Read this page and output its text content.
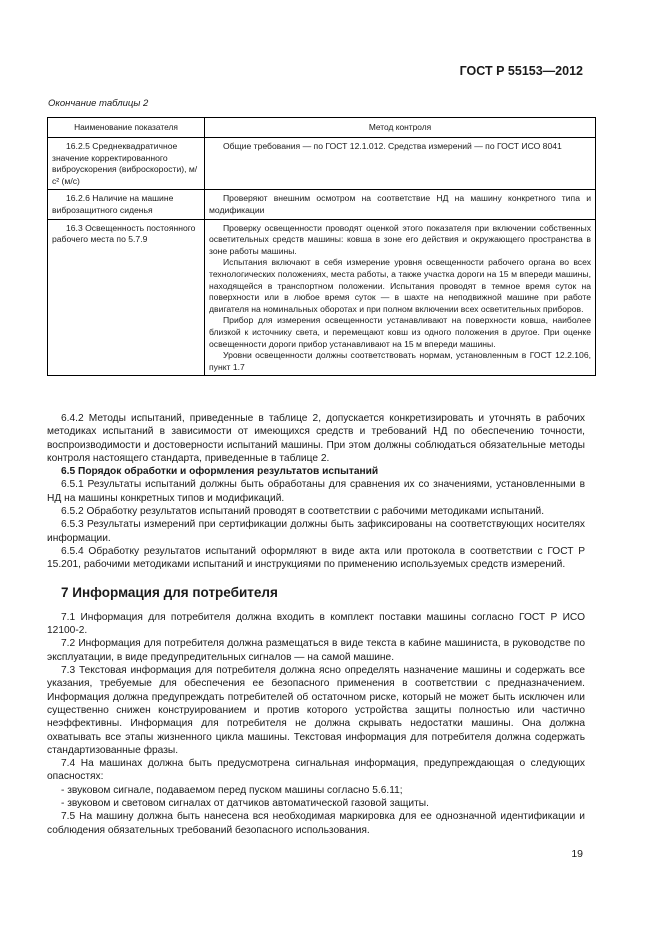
ГОСТ Р 55153—2012
Окончание таблицы 2
Наименование показателя	Метод контроля

16.2.5 Среднеквадратичное значение корректированного виброускорения (виброскорости), м/с² (м/с)	Общие требования — по ГОСТ 12.1.012. Средства измерений — по ГОСТ ИСО 8041

16.2.6 Наличие на машине виброзащитного сиденья	Проверяют внешним осмотром на соответствие НД на машину конкретного типа и модификации

16.3 Освещенность постоянного рабочего места по 5.7.9	Проверку освещенности проводят оценкой этого показателя при включении собственных осветительных средств машины: ковша в зоне его действия и окружающего пространства в зоне работы машины.

Испытания включают в себя измерение уровня освещенности рабочего органа во всех технологических положениях, места работы, а также участка дороги на 15 м впереди машины, находящейся в транспортном положении. Испытания проводят в темное время суток на поверхности или в любое время суток — в шахте на неподвижной машине при работе двигателя на номинальных оборотах и при полном включении всех осветительных приборов.

Прибор для измерения освещенности устанавливают на поверхности ковша, наиболее близкой к источнику света, и перемещают ковш из одного положения в другое. При оценке освещенности дороги прибор устанавливают на 15 м впереди машины.

Уровни освещенности должны соответствовать нормам, установленным в ГОСТ 12.2.106, пункт 1.7

6.4.2 Методы испытаний, приведенные в таблице 2, допускается конкретизировать и уточнять в рабочих методиках испытаний в зависимости от имеющихся средств и требований НД по обеспечению точности, воспроизводимости и достоверности испытаний машины. При этом должны соблюдаться обязательные методы контроля настоящего стандарта, приведенные в таблице 2.

6.5 Порядок обработки и оформления результатов испытаний

6.5.1 Результаты испытаний должны быть обработаны для сравнения их со значениями, установленными в НД на машины конкретных типов и модификаций.

6.5.2 Обработку результатов испытаний проводят в соответствии с рабочими методиками испытаний.

6.5.3 Результаты измерений при сертификации должны быть зафиксированы на соответствующих носителях информации.

6.5.4 Обработку результатов испытаний оформляют в виде акта или протокола в соответствии с ГОСТ Р 15.201, рабочими методиками испытаний и инструкциями по применению используемых средств измерений.

7 Информация для потребителя

7.1 Информация для потребителя должна входить в комплект поставки машины согласно ГОСТ Р ИСО 12100-2.

7.2 Информация для потребителя должна размещаться в виде текста в кабине машиниста, в руководстве по эксплуатации, в виде предупредительных сигналов — на самой машине.

7.3 Текстовая информация для потребителя должна ясно определять назначение машины и содержать все указания, требуемые для обеспечения ее безопасного применения в соответствии с предназначением. Информация должна предупреждать потребителей об остаточном риске, который не может быть исключен или существенно снижен конструированием и против которого устройства защиты полностью или частично неэффективны. Информация для потребителя не должна скрывать недостатки машины. Она должна охватывать все этапы жизненного цикла машины. Текстовая информация для потребителя должна содержать стандартизованные фразы.

7.4 На машинах должна быть предусмотрена сигнальная информация, предупреждающая о следующих опасностях:

- звуковом сигнале, подаваемом перед пуском машины согласно 5.6.11;

- звуковом и световом сигналах от датчиков автоматической газовой защиты.

7.5 На машину должна быть нанесена вся необходимая маркировка для ее однозначной идентификации и соблюдения обязательных требований безопасного использования.

19
